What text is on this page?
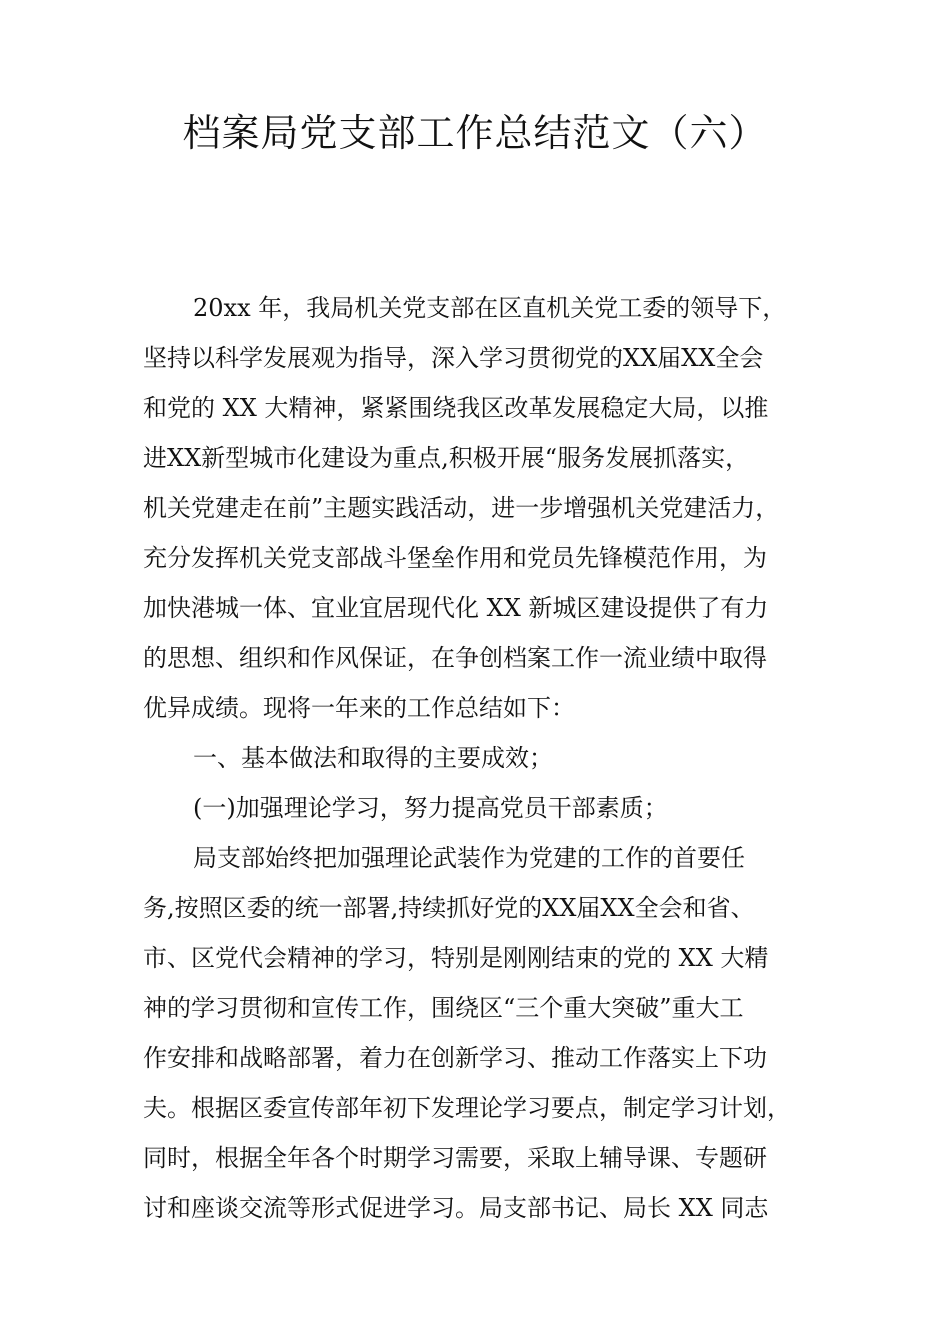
档案局党支部工作总结范文（六）

20xx 年，我局机关党支部在区直机关党工委的领导下，

坚持以科学发展观为指导，深入学习贯彻党的XX届XX全会

和党的 XX 大精神，紧紧围绕我区改革发展稳定大局，以推

进XX新型城市化建设为重点,积极开展“服务发展抓落实，

机关党建走在前”主题实践活动，进一步增强机关党建活力，

充分发挥机关党支部战斗堡垒作用和党员先锋模范作用，为

加快港城一体、宜业宜居现代化 XX 新城区建设提供了有力

的思想、组织和作风保证，在争创档案工作一流业绩中取得

优异成绩。现将一年来的工作总结如下：

一、基本做法和取得的主要成效；

(一)加强理论学习，努力提高党员干部素质；

局支部始终把加强理论武装作为党建的工作的首要任

务,按照区委的统一部署,持续抓好党的XX届XX全会和省、

市、区党代会精神的学习，特别是刚刚结束的党的 XX 大精

神的学习贯彻和宣传工作，围绕区“三个重大突破”重大工

作安排和战略部署，着力在创新学习、推动工作落实上下功

夫。根据区委宣传部年初下发理论学习要点，制定学习计划，

同时，根据全年各个时期学习需要，采取上辅导课、专题研

讨和座谈交流等形式促进学习。局支部书记、局长 XX 同志
